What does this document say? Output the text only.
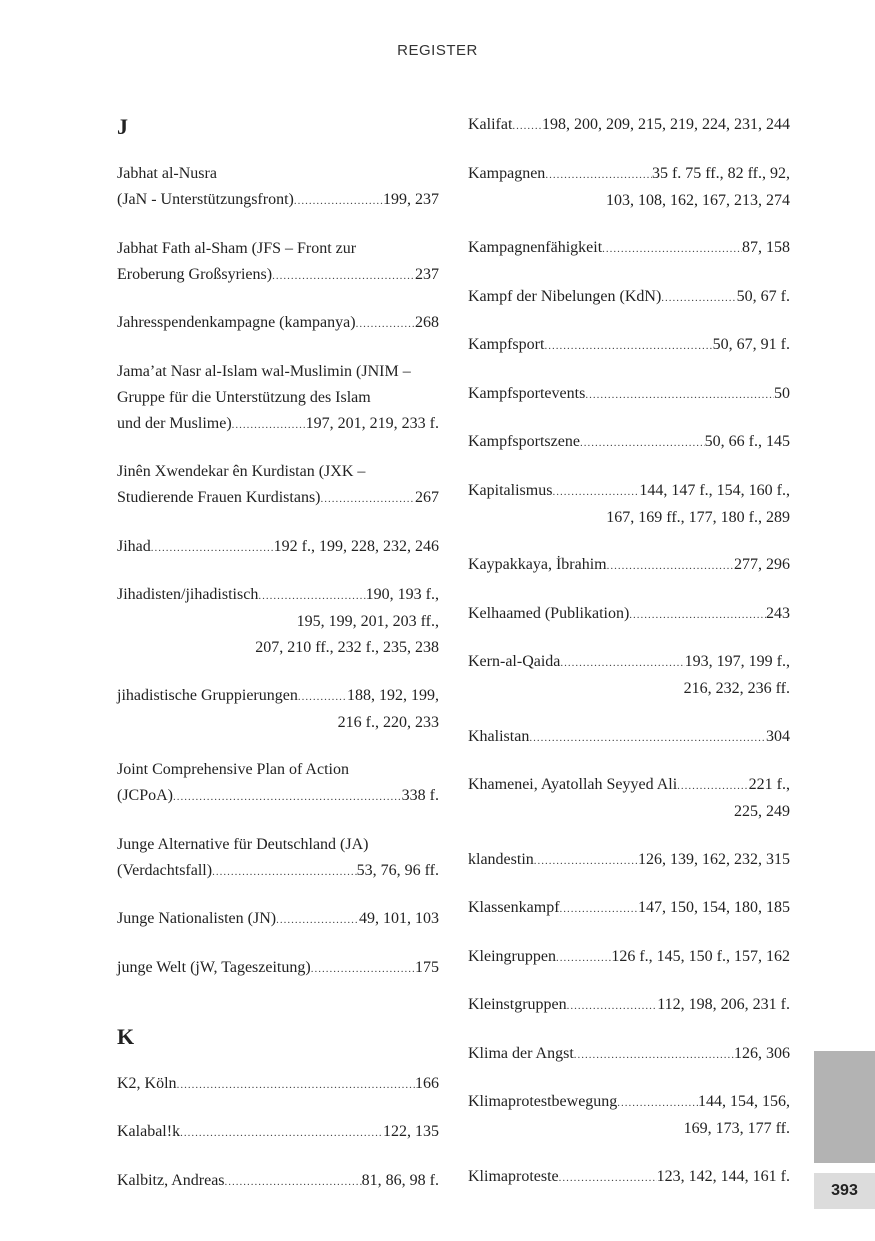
REGISTER
J
Jabhat al-Nusra
(JaN - Unterstützungsfront) .....	199, 237
Jabhat Fath al-Sham (JFS – Front zur
Eroberung Großsyriens) .....	237
Jahresspendenkampagne (kampanya) .....	268
Jama’at Nasr al-Islam wal-Muslimin (JNIM –
Gruppe für die Unterstützung des Islam
und der Muslime) .....	197, 201, 219, 233 f.
Jinên Xwendekar ên Kurdistan (JXK –
Studierende Frauen Kurdistans) .....	267
Jihad .....	192 f., 199, 228, 232, 246
Jihadisten/jihadistisch .....	190, 193 f.,
195, 199, 201, 203 ff.,
207, 210 ff., 232 f., 235, 238
jihadistische Gruppierungen .....	188, 192, 199,
216 f., 220, 233
Joint Comprehensive Plan of Action
(JCPoA) .....	338 f.
Junge Alternative für Deutschland (JA)
(Verdachtsfall) .....	53, 76, 96 ff.
Junge Nationalisten (JN) .....	49, 101, 103
junge Welt (jW, Tageszeitung) .....	175
K
K2, Köln .....	166
Kalabal!k .....	122, 135
Kalbitz, Andreas .....	81, 86, 98 f.
Kalifat ..... 198, 200, 209, 215, 219, 224, 231, 244
Kampagnen .....	35 f. 75 ff., 82 ff., 92,
103, 108, 162, 167, 213, 274
Kampagnenfähigkeit .....	87, 158
Kampf der Nibelungen (KdN) .....	50, 67 f.
Kampfsport .....	50, 67, 91 f.
Kampfsportevents .....	50
Kampfsportszene .....	50, 66 f., 145
Kapitalismus .....	144, 147 f., 154, 160 f.,
167, 169 ff., 177, 180 f., 289
Kaypakkaya, İbrahim .....	277, 296
Kelhaamed (Publikation) .....	243
Kern-al-Qaida .....	193, 197, 199 f.,
216, 232, 236 ff.
Khalistan .....	304
Khamenei, Ayatollah Seyyed Ali .....	221 f.,
225, 249
klandestin .....	126, 139, 162, 232, 315
Klassenkampf .....	147, 150, 154, 180, 185
Kleingruppen .....	126 f., 145, 150 f., 157, 162
Kleinstgruppen .....	112, 198, 206, 231 f.
Klima der Angst .....	126, 306
Klimaprotestbewegung .....	144, 154, 156,
169, 173, 177 ff.
Klimaproteste .....	123, 142, 144, 161 f.
393
